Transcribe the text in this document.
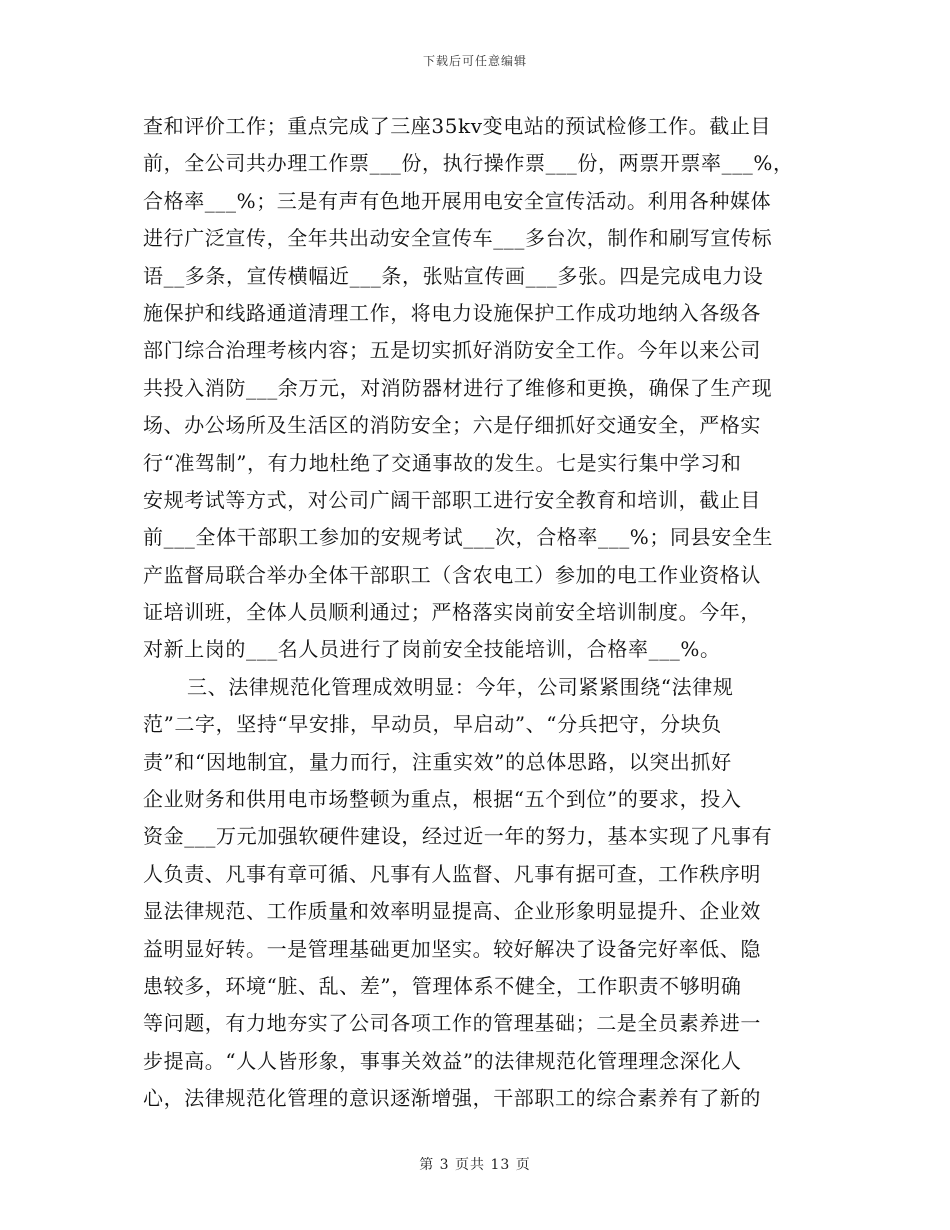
下载后可任意编辑
查和评价工作；重点完成了三座35kv变电站的预试检修工作。截止目
前，全公司共办理工作票___份，执行操作票___份，两票开票率___%，
合格率___%；三是有声有色地开展用电安全宣传活动。利用各种媒体
进行广泛宣传，全年共出动安全宣传车___多台次，制作和刷写宣传标
语__多条，宣传横幅近___条，张贴宣传画___多张。四是完成电力设
施保护和线路通道清理工作，将电力设施保护工作成功地纳入各级各
部门综合治理考核内容；五是切实抓好消防安全工作。今年以来公司
共投入消防___余万元，对消防器材进行了维修和更换，确保了生产现
场、办公场所及生活区的消防安全；六是仔细抓好交通安全，严格实
行“准驾制”，有力地杜绝了交通事故的发生。七是实行集中学习和
安规考试等方式，对公司广阔干部职工进行安全教育和培训，截止目
前___全体干部职工参加的安规考试___次，合格率___%；同县安全生
产监督局联合举办全体干部职工（含农电工）参加的电工作业资格认
证培训班，全体人员顺利通过；严格落实岗前安全培训制度。今年，
对新上岗的___名人员进行了岗前安全技能培训，合格率___%。
三、法律规范化管理成效明显：今年，公司紧紧围绕“法律规
范”二字，坚持“早安排，早动员，早启动”、“分兵把守，分块负
责”和“因地制宜，量力而行，注重实效”的总体思路，以突出抓好
企业财务和供用电市场整顿为重点，根据“五个到位”的要求，投入
资金___万元加强软硬件建设，经过近一年的努力，基本实现了凡事有
人负责、凡事有章可循、凡事有人监督、凡事有据可查，工作秩序明
显法律规范、工作质量和效率明显提高、企业形象明显提升、企业效
益明显好转。一是管理基础更加坚实。较好解决了设备完好率低、隐
患较多，环境“脏、乱、差”，管理体系不健全，工作职责不够明确
等问题，有力地夯实了公司各项工作的管理基础；二是全员素养进一
步提高。“人人皆形象，事事关效益”的法律规范化管理理念深化人
心，法律规范化管理的意识逐渐增强，干部职工的综合素养有了新的
第 3 页共 13 页
